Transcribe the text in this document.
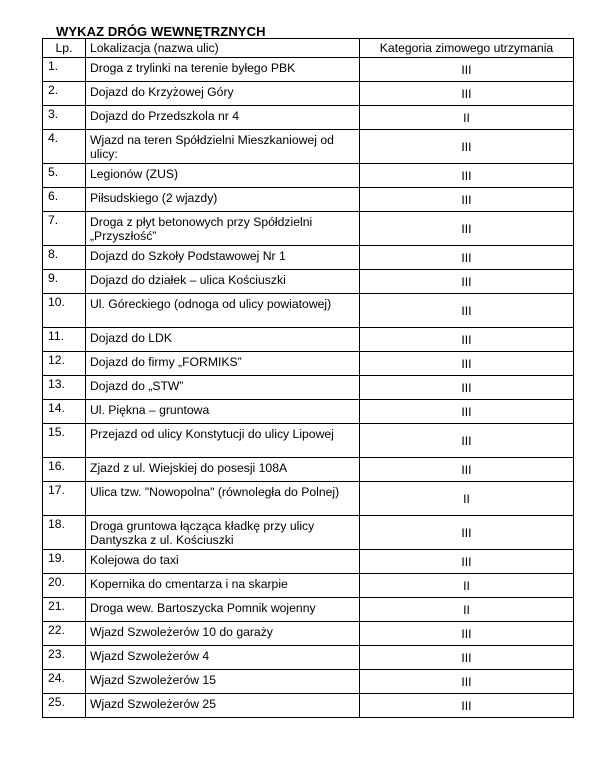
WYKAZ DRÓG WEWNĘTRZNYCH
Lp.	Lokalizacja (nazwa ulic)	Kategoria zimowego utrzymania
1.	Droga z trylinki na terenie byłego PBK	III
2.	Dojazd do Krzyżowej Góry	III
3.	Dojazd do Przedszkola nr 4	II
4.	Wjazd na teren Spółdzielni Mieszkaniowej od ulicy:	III
5.	Legionów (ZUS)	III
6.	Piłsudskiego (2 wjazdy)	III
7.	Droga z płyt betonowych przy Spółdzielni „Przyszłość”	III
8.	Dojazd do Szkoły Podstawowej Nr 1	III
9.	Dojazd do działek – ulica Kościuszki	III
10.	Ul. Góreckiego (odnoga od ulicy powiatowej)	III
11.	Dojazd do LDK	III
12.	Dojazd do firmy „FORMIKS”	III
13.	Dojazd do „STW”	III
14.	Ul. Piękna – gruntowa	III
15.	Przejazd od ulicy Konstytucji do ulicy Lipowej	III
16.	Zjazd z ul. Wiejskiej do posesji 108A	III
17.	Ulica tzw. "Nowopolna" (równoległa do Polnej)	II
18.	Droga gruntowa łącząca kładkę przy ulicy Dantyszka z ul. Kościuszki	III
19.	Kolejowa do taxi	III
20.	Kopernika do cmentarza i na skarpie	II
21.	Droga wew. Bartoszycka Pomnik wojenny	II
22.	Wjazd Szwoleżerów 10 do garaży	III
23.	Wjazd Szwoleżerów 4	III
24.	Wjazd Szwoleżerów 15	III
25.	Wjazd Szwoleżerów 25	III
